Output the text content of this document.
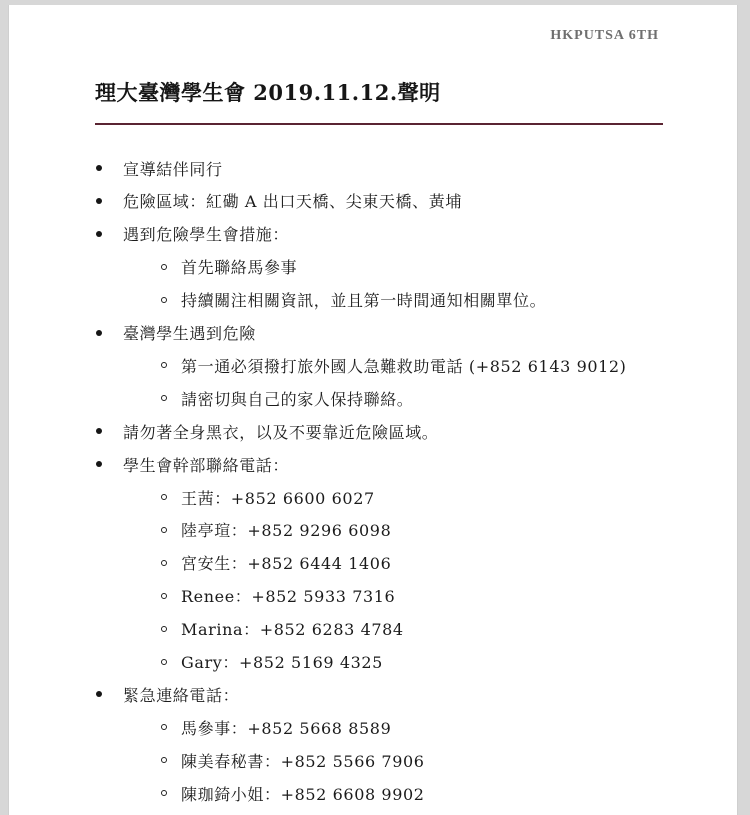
HKPUTSA 6TH
理大臺灣學生會 2019.11.12.聲明
宣導結伴同行
危險區域：紅磡 A 出口天橋、尖東天橋、黃埔
遇到危險學生會措施：
首先聯絡馬參事
持續關注相關資訊，並且第一時間通知相關單位。
臺灣學生遇到危險
第一通必須撥打旅外國人急難救助電話 (+852 6143 9012)
請密切與自己的家人保持聯絡。
請勿著全身黑衣，以及不要靠近危險區域。
學生會幹部聯絡電話：
王茜：+852 6600 6027
陸亭瑄：+852 9296 6098
宮安生：+852 6444 1406
Renee：+852 5933 7316
Marina：+852 6283 4784
Gary：+852 5169 4325
緊急連絡電話：
馬參事：+852 5668 8589
陳美春秘書：+852 5566 7906
陳珈錡小姐：+852 6608 9902
